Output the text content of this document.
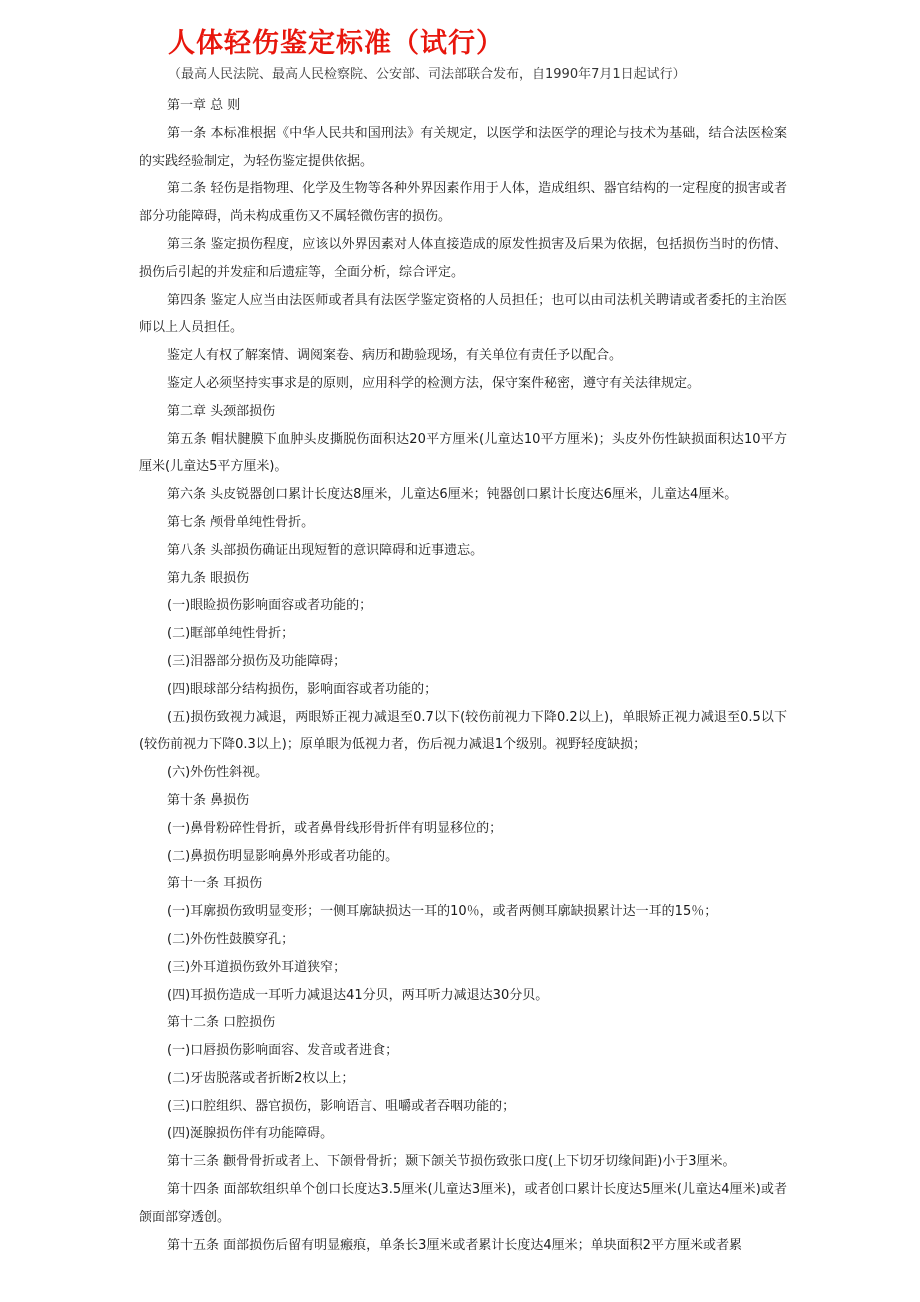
人体轻伤鉴定标准（试行）
（最高人民法院、最高人民检察院、公安部、司法部联合发布，自1990年7月1日起试行）

第一章 总 则

第一条 本标准根据《中华人民共和国刑法》有关规定，以医学和法医学的理论与技术为基础，结合法医检案的实践经验制定，为轻伤鉴定提供依据。

第二条 轻伤是指物理、化学及生物等各种外界因素作用于人体，造成组织、器官结构的一定程度的损害或者部分功能障碍，尚未构成重伤又不属轻微伤害的损伤。

第三条 鉴定损伤程度，应该以外界因素对人体直接造成的原发性损害及后果为依据，包括损伤当时的伤情、损伤后引起的并发症和后遗症等，全面分析，综合评定。

第四条 鉴定人应当由法医师或者具有法医学鉴定资格的人员担任；也可以由司法机关聘请或者委托的主治医师以上人员担任。

鉴定人有权了解案情、调阅案卷、病历和勘验现场，有关单位有责任予以配合。

鉴定人必须坚持实事求是的原则，应用科学的检测方法，保守案件秘密，遵守有关法律规定。

第二章 头颈部损伤

第五条 帽状腱膜下血肿头皮撕脱伤面积达20平方厘米(儿童达10平方厘米)；头皮外伤性缺损面积达10平方厘米(儿童达5平方厘米)。

第六条 头皮锐器创口累计长度达8厘米，儿童达6厘米；钝器创口累计长度达6厘米，儿童达4厘米。

第七条 颅骨单纯性骨折。

第八条 头部损伤确证出现短暂的意识障碍和近事遗忘。

第九条 眼损伤

(一)眼睑损伤影响面容或者功能的；

(二)眶部单纯性骨折；

(三)泪器部分损伤及功能障碍；

(四)眼球部分结构损伤，影响面容或者功能的；

(五)损伤致视力减退，两眼矫正视力减退至0.7以下(较伤前视力下降0.2以上)，单眼矫正视力减退至0.5以下(较伤前视力下降0.3以上)；原单眼为低视力者，伤后视力减退1个级别。视野轻度缺损；

(六)外伤性斜视。

第十条 鼻损伤

(一)鼻骨粉碎性骨折，或者鼻骨线形骨折伴有明显移位的；

(二)鼻损伤明显影响鼻外形或者功能的。

第十一条 耳损伤

(一)耳廓损伤致明显变形；一侧耳廓缺损达一耳的10％，或者两侧耳廓缺损累计达一耳的15％；

(二)外伤性鼓膜穿孔；

(三)外耳道损伤致外耳道狭窄；

(四)耳损伤造成一耳听力减退达41分贝，两耳听力减退达30分贝。

第十二条 口腔损伤

(一)口唇损伤影响面容、发音或者进食；

(二)牙齿脱落或者折断2枚以上；

(三)口腔组织、器官损伤，影响语言、咀嚼或者吞咽功能的；

(四)涎腺损伤伴有功能障碍。

第十三条 颧骨骨折或者上、下颌骨骨折；颞下颌关节损伤致张口度(上下切牙切缘间距)小于3厘米。

第十四条 面部软组织单个创口长度达3.5厘米(儿童达3厘米)，或者创口累计长度达5厘米(儿童达4厘米)或者颌面部穿透创。

第十五条 面部损伤后留有明显瘢痕，单条长3厘米或者累计长度达4厘米；单块面积2平方厘米或者累
